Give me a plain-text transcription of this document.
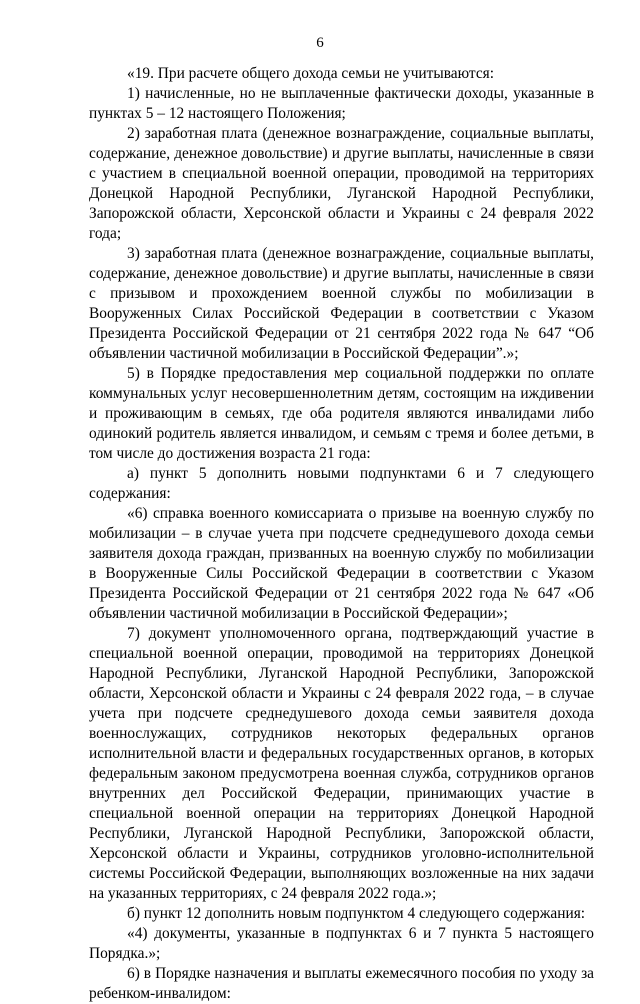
6

«19. При расчете общего дохода семьи не учитываются:

1) начисленные, но не выплаченные фактически доходы, указанные в пунктах 5 – 12 настоящего Положения;

2) заработная плата (денежное вознаграждение, социальные выплаты, содержание, денежное довольствие) и другие выплаты, начисленные в связи с участием в специальной военной операции, проводимой на территориях Донецкой Народной Республики, Луганской Народной Республики, Запорожской области, Херсонской области и Украины с 24 февраля 2022 года;

3) заработная плата (денежное вознаграждение, социальные выплаты, содержание, денежное довольствие) и другие выплаты, начисленные в связи с призывом и прохождением военной службы по мобилизации в Вооруженных Силах Российской Федерации в соответствии с Указом Президента Российской Федерации от 21 сентября 2022 года № 647 “Об объявлении частичной мобилизации в Российской Федерации”.»;

5) в Порядке предоставления мер социальной поддержки по оплате коммунальных услуг несовершеннолетним детям, состоящим на иждивении и проживающим в семьях, где оба родителя являются инвалидами либо одинокий родитель является инвалидом, и семьям с тремя и более детьми, в том числе до достижения возраста 21 года:

а) пункт 5 дополнить новыми подпунктами 6 и 7 следующего содержания:

«6) справка военного комиссариата о призыве на военную службу по мобилизации – в случае учета при подсчете среднедушевого дохода семьи заявителя дохода граждан, призванных на военную службу по мобилизации в Вооруженные Силы Российской Федерации в соответствии с Указом Президента Российской Федерации от 21 сентября 2022 года № 647 «Об объявлении частичной мобилизации в Российской Федерации»;

7) документ уполномоченного органа, подтверждающий участие в специальной военной операции, проводимой на территориях Донецкой Народной Республики, Луганской Народной Республики, Запорожской области, Херсонской области и Украины с 24 февраля 2022 года, – в случае учета при подсчете среднедушевого дохода семьи заявителя дохода военнослужащих, сотрудников некоторых федеральных органов исполнительной власти и федеральных государственных органов, в которых федеральным законом предусмотрена военная служба, сотрудников органов внутренних дел Российской Федерации, принимающих участие в специальной военной операции на территориях Донецкой Народной Республики, Луганской Народной Республики, Запорожской области, Херсонской области и Украины, сотрудников уголовно-исполнительной системы Российской Федерации, выполняющих возложенные на них задачи на указанных территориях, с 24 февраля 2022 года.»;

б) пункт 12 дополнить новым подпунктом 4 следующего содержания:

«4) документы, указанные в подпунктах 6 и 7 пункта 5 настоящего Порядка.»;

6) в Порядке назначения и выплаты ежемесячного пособия по уходу за ребенком-инвалидом:
